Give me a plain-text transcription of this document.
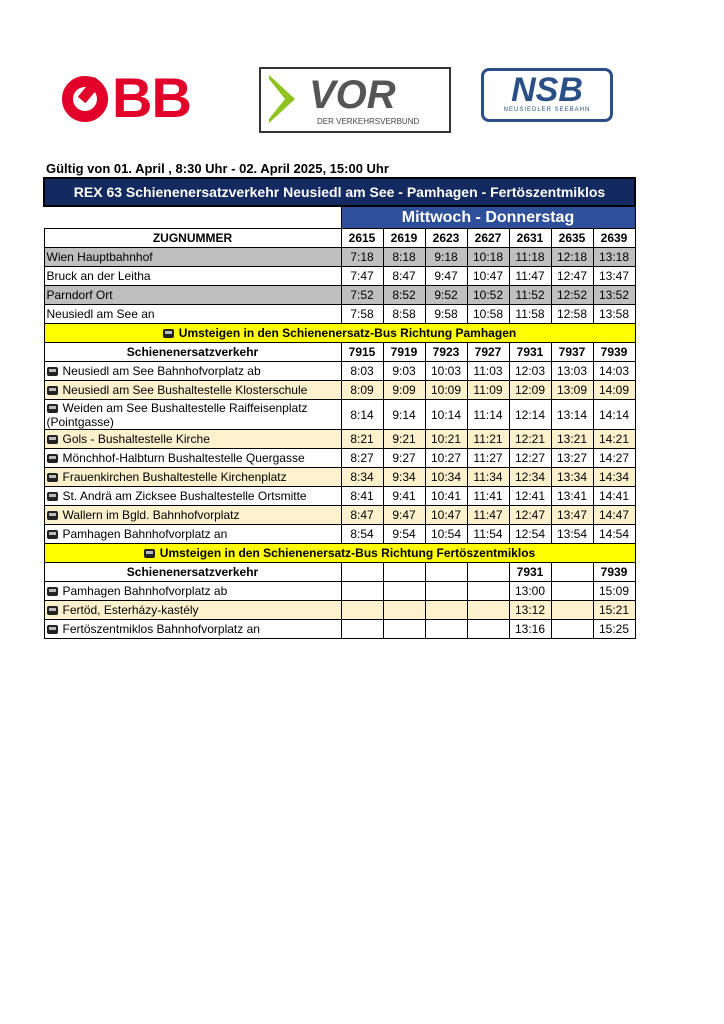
BB	VOR
DER VERKEHRSVERBUND
NSB
NEUSIEDLER SEEBAHN
Gültig von 01. April , 8:30 Uhr - 02. April 2025, 15:00 Uhr
REX 63 Schienenersatzverkehr Neusiedl am See - Pamhagen - Fertöszentmiklos							
	Mittwoch - Donnerstag						
ZUGNUMMER	2615	2619	2623	2627	2631	2635	2639
Wien Hauptbahnhof	7:18	8:18	9:18	10:18	11:18	12:18	13:18
Bruck an der Leitha	7:47	8:47	9:47	10:47	11:47	12:47	13:47
Parndorf Ort	7:52	8:52	9:52	10:52	11:52	12:52	13:52
Neusiedl am See an	7:58	8:58	9:58	10:58	11:58	12:58	13:58
Umsteigen in den Schienenersatz-Bus Richtung Pamhagen							
Schienenersatzverkehr	7915	7919	7923	7927	7931	7937	7939
Neusiedl am See Bahnhofvorplatz ab	8:03	9:03	10:03	11:03	12:03	13:03	14:03
Neusiedl am See Bushaltestelle Klosterschule	8:09	9:09	10:09	11:09	12:09	13:09	14:09
Weiden am See Bushaltestelle Raiffeisenplatz (Pointgasse)	8:14	9:14	10:14	11:14	12:14	13:14	14:14
Gols - Bushaltestelle Kirche	8:21	9:21	10:21	11:21	12:21	13:21	14:21
Mönchhof-Halbturn Bushaltestelle Quergasse	8:27	9:27	10:27	11:27	12:27	13:27	14:27
Frauenkirchen Bushaltestelle Kirchenplatz	8:34	9:34	10:34	11:34	12:34	13:34	14:34
St. Andrä am Zicksee Bushaltestelle Ortsmitte	8:41	9:41	10:41	11:41	12:41	13:41	14:41
Wallern im Bgld. Bahnhofvorplatz	8:47	9:47	10:47	11:47	12:47	13:47	14:47
Pamhagen Bahnhofvorplatz an	8:54	9:54	10:54	11:54	12:54	13:54	14:54
Umsteigen in den Schienenersatz-Bus Richtung Fertöszentmiklos							
Schienenersatzverkehr					7931		7939
Pamhagen Bahnhofvorplatz ab					13:00		15:09
Fertöd, Esterházy-kastély					13:12		15:21
Fertöszentmiklos Bahnhofvorplatz an					13:16		15:25
